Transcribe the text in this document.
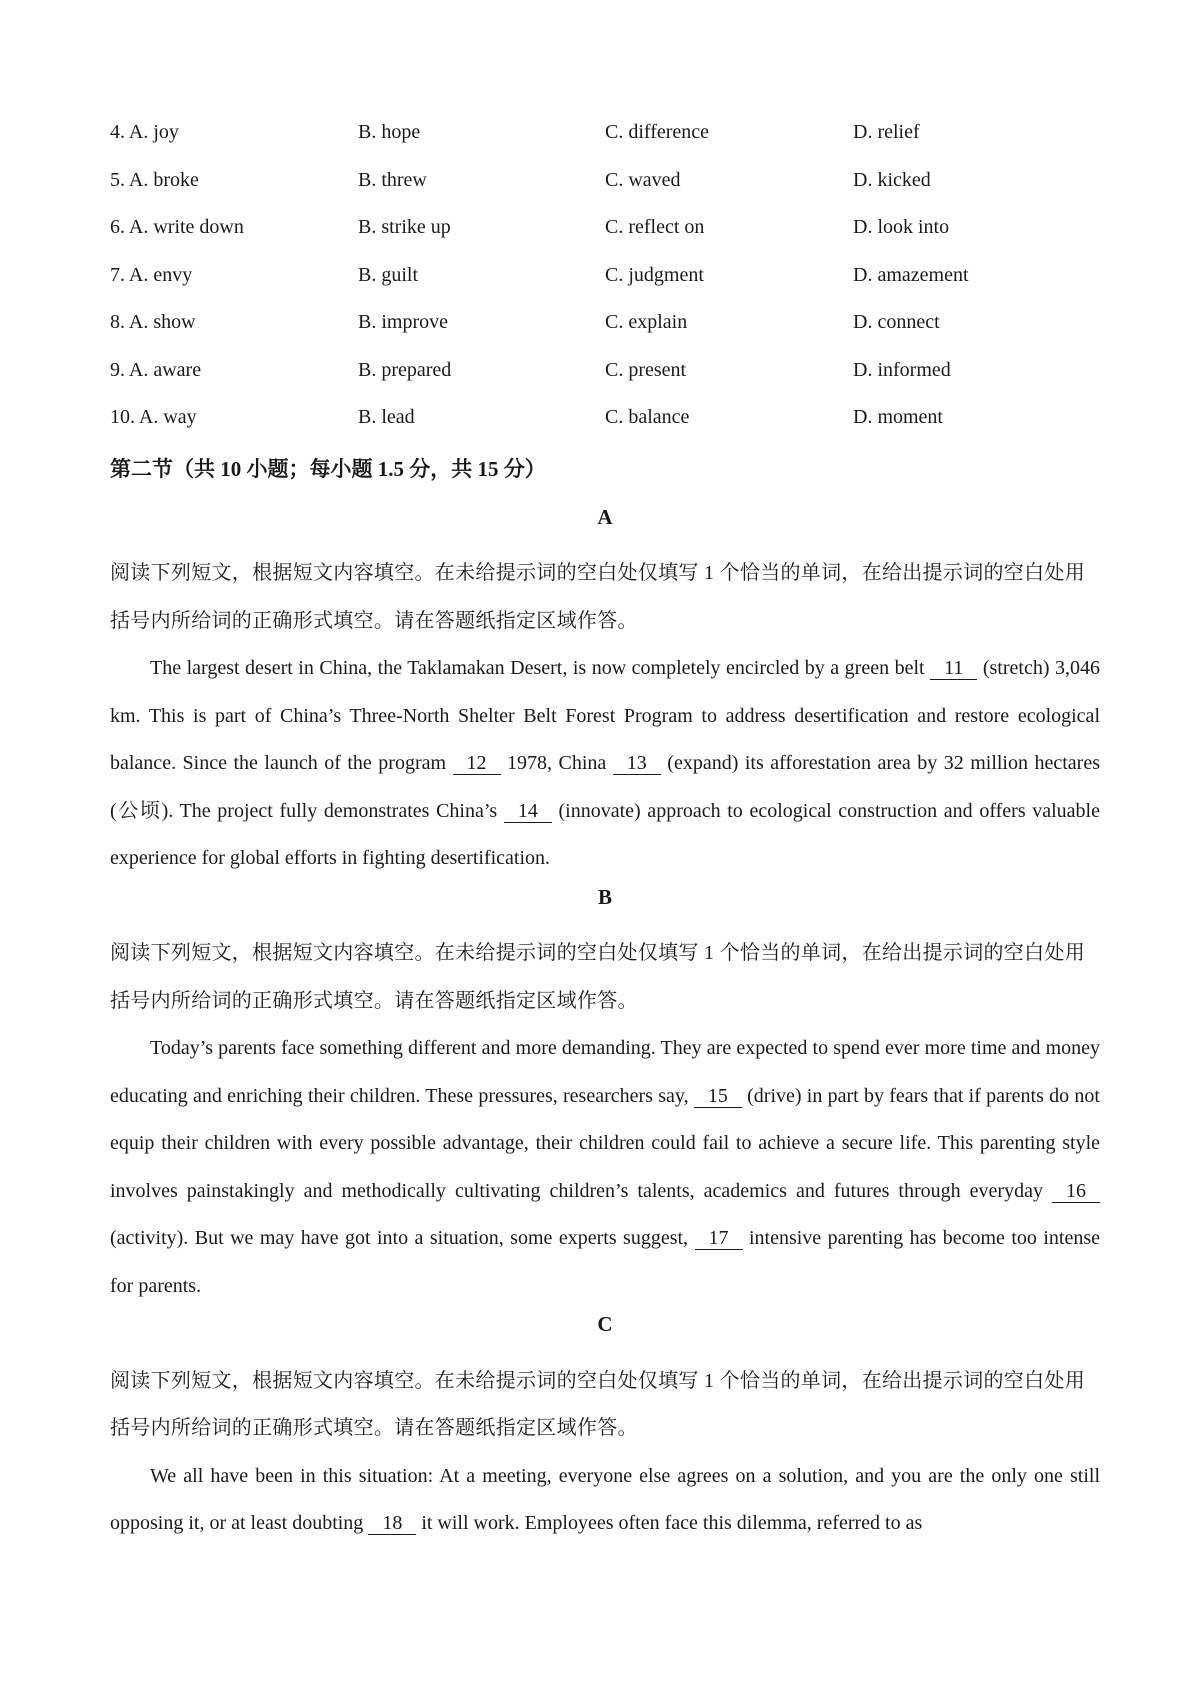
4. A. joy	B. hope	C. difference	D. relief
5. A. broke	B. threw	C. waved	D. kicked
6. A. write down	B. strike up	C. reflect on	D. look into
7. A. envy	B. guilt	C. judgment	D. amazement
8. A. show	B. improve	C. explain	D. connect
9. A. aware	B. prepared	C. present	D. informed
10. A. way	B. lead	C. balance	D. moment
第二节（共 10 小题；每小题 1.5 分，共 15 分）
A
阅读下列短文，根据短文内容填空。在未给提示词的空白处仅填写 1 个恰当的单词，在给出提示词的空白处用括号内所给词的正确形式填空。请在答题纸指定区域作答。
The largest desert in China, the Taklamakan Desert, is now completely encircled by a green belt 11 (stretch) 3,046 km. This is part of China’s Three-North Shelter Belt Forest Program to address desertification and restore ecological balance. Since the launch of the program 12 1978, China 13 (expand) its afforestation area by 32 million hectares (公顷). The project fully demonstrates China’s 14 (innovate) approach to ecological construction and offers valuable experience for global efforts in fighting desertification.
B
阅读下列短文，根据短文内容填空。在未给提示词的空白处仅填写 1 个恰当的单词，在给出提示词的空白处用括号内所给词的正确形式填空。请在答题纸指定区域作答。
Today’s parents face something different and more demanding. They are expected to spend ever more time and money educating and enriching their children. These pressures, researchers say, 15 (drive) in part by fears that if parents do not equip their children with every possible advantage, their children could fail to achieve a secure life. This parenting style involves painstakingly and methodically cultivating children’s talents, academics and futures through everyday 16 (activity). But we may have got into a situation, some experts suggest, 17 intensive parenting has become too intense for parents.
C
阅读下列短文，根据短文内容填空。在未给提示词的空白处仅填写 1 个恰当的单词，在给出提示词的空白处用括号内所给词的正确形式填空。请在答题纸指定区域作答。
We all have been in this situation: At a meeting, everyone else agrees on a solution, and you are the only one still opposing it, or at least doubting 18 it will work. Employees often face this dilemma, referred to as
